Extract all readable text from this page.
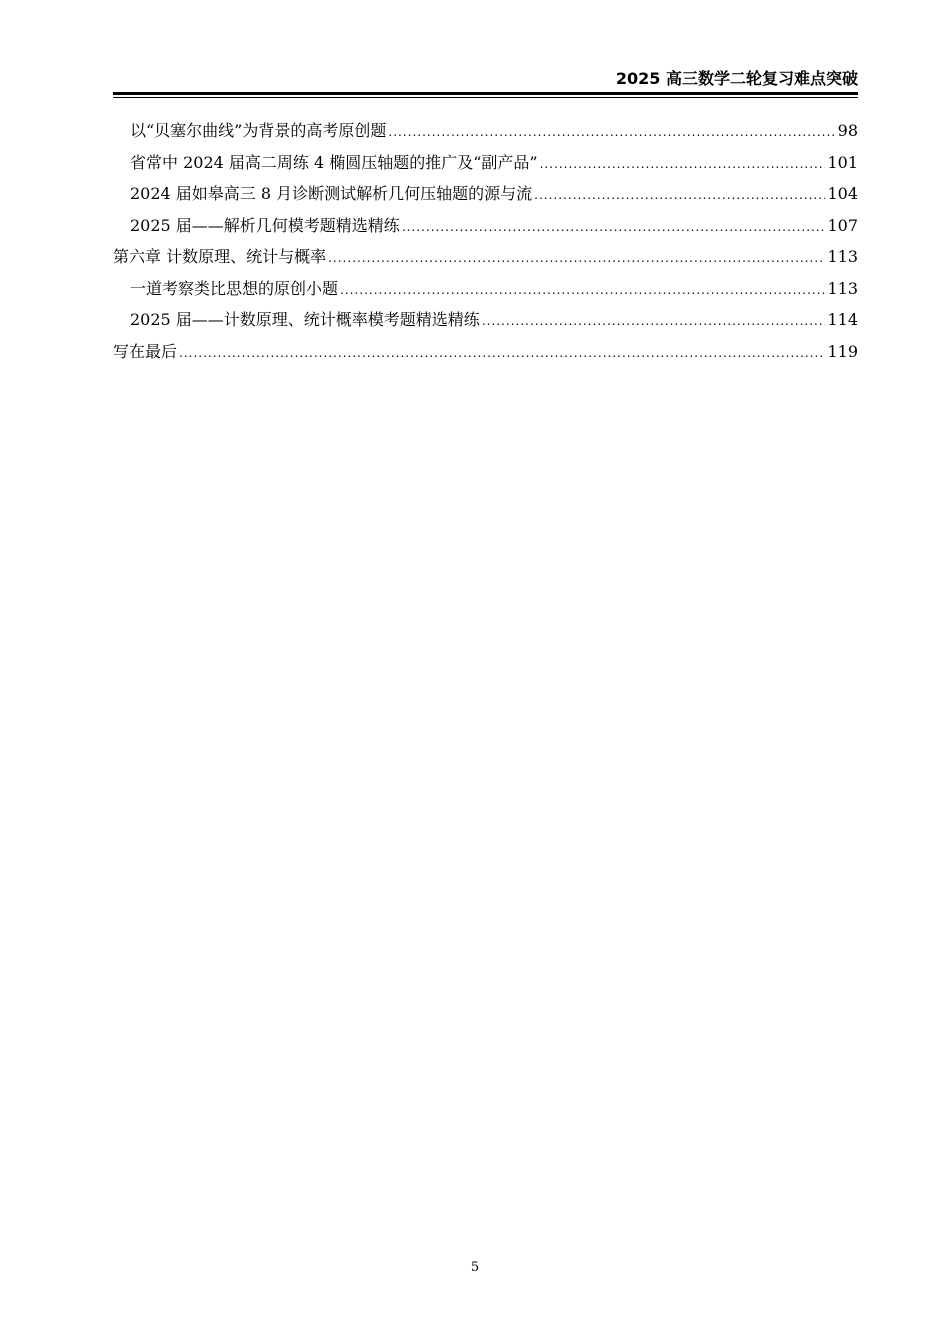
2025 高三数学二轮复习难点突破
以“贝塞尔曲线”为背景的高考原创题 .....	98
省常中 2024 届高二周练 4 椭圆压轴题的推广及“副产品” .....	101
2024 届如皋高三 8 月诊断测试解析几何压轴题的源与流 .....	104
2025 届——解析几何模考题精选精练 .....	107
第六章 计数原理、统计与概率 .....	113
一道考察类比思想的原创小题 .....	113
2025 届——计数原理、统计概率模考题精选精练 .....	114
写在最后 .....	119
5
